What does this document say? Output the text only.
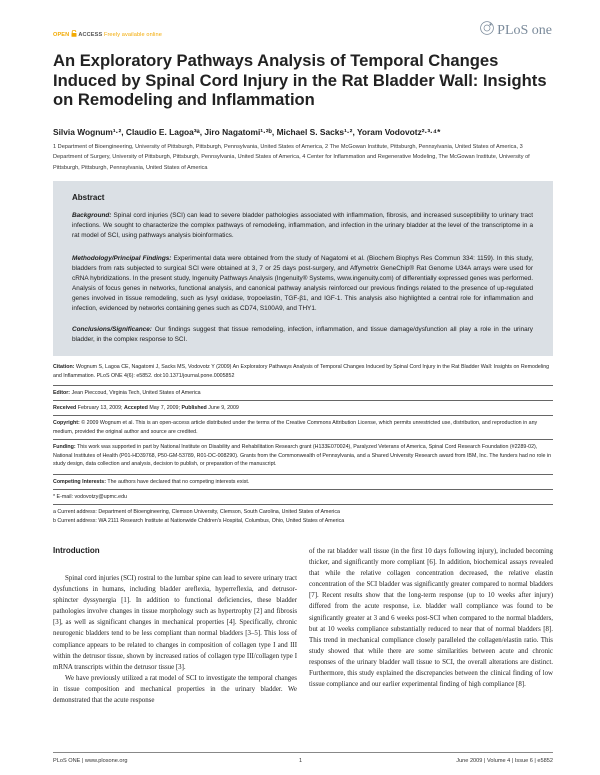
OPEN ACCESS Freely available online	PLoS one
An Exploratory Pathways Analysis of Temporal Changes Induced by Spinal Cord Injury in the Rat Bladder Wall: Insights on Remodeling and Inflammation
Silvia Wognum¹·², Claudio E. Lagoa³ᵃ, Jiro Nagatomi¹·²ᵇ, Michael S. Sacks¹·², Yoram Vodovotz²·³·⁴*
1 Department of Bioengineering, University of Pittsburgh, Pittsburgh, Pennsylvania, United States of America, 2 The McGowan Institute, Pittsburgh, Pennsylvania, United States of America, 3 Department of Surgery, University of Pittsburgh, Pittsburgh, Pennsylvania, United States of America, 4 Center for Inflammation and Regenerative Modeling, The McGowan Institute, University of Pittsburgh, Pittsburgh, Pennsylvania, United States of America
Abstract

Background: Spinal cord injuries (SCI) can lead to severe bladder pathologies associated with inflammation, fibrosis, and increased susceptibility to urinary tract infections. We sought to characterize the complex pathways of remodeling, inflammation, and infection in the urinary bladder at the level of the transcriptome in a rat model of SCI, using pathways analysis bioinformatics.

Methodology/Principal Findings: Experimental data were obtained from the study of Nagatomi et al. (Biochem Biophys Res Commun 334: 1159). In this study, bladders from rats subjected to surgical SCI were obtained at 3, 7 or 25 days post-surgery, and Affymetrix GeneChip® Rat Genome U34A arrays were used for cRNA hybridizations. In the present study, Ingenuity Pathways Analysis (Ingenuity® Systems, www.ingenuity.com) of differentially expressed genes was performed. Analysis of focus genes in networks, functional analysis, and canonical pathway analysis reinforced our previous findings related to the presence of up-regulated genes involved in tissue remodeling, such as lysyl oxidase, tropoelastin, TGF-β1, and IGF-1. This analysis also highlighted a central role for inflammation and infection, evidenced by networks containing genes such as CD74, S100A9, and THY1.

Conclusions/Significance: Our findings suggest that tissue remodeling, infection, inflammation, and tissue damage/dysfunction all play a role in the urinary bladder, in the complex response to SCI.

Citation: Wognum S, Lagoa CE, Nagatomi J, Sacks MS, Vodovotz Y (2009) An Exploratory Pathways Analysis of Temporal Changes Induced by Spinal Cord Injury in the Rat Bladder Wall: Insights on Remodeling and Inflammation. PLoS ONE 4(6): e5852. doi:10.1371/journal.pone.0005852

Editor: Jean Pieccoud, Virginia Tech, United States of America

Received February 13, 2009; Accepted May 7, 2009; Published June 9, 2009

Copyright: © 2009 Wognum et al. This is an open-access article distributed under the terms of the Creative Commons Attribution License, which permits unrestricted use, distribution, and reproduction in any medium, provided the original author and source are credited.

Funding: This work was supported in part by National Institute on Disability and Rehabilitation Research grant (H133E070024), Paralyzed Veterans of America, Spinal Cord Research Foundation (#2289-02), National Institutes of Health (P01-HD39768, P50-GM-53789, R01-DC-008290). Grants from the Commonwealth of Pennsylvania, and a Shared University Research award from IBM, Inc. The funders had no role in study design, data collection and analysis, decision to publish, or preparation of the manuscript.

Competing Interests: The authors have declared that no competing interests exist.

* E-mail: vodovotzy@upmc.edu

a Current address: Department of Bioengineering, Clemson University, Clemson, South Carolina, United States of America

b Current address: WA 2111 Research Institute at Nationwide Children's Hospital, Columbus, Ohio, United States of America

Introduction

Spinal cord injuries (SCI) rostral to the lumbar spine can lead to severe urinary tract dysfunctions in humans, including bladder areflexia, hyperreflexia, and detrusor-sphincter dyssynergia [1]. In addition to functional deficiencies, these bladder pathologies involve changes in tissue morphology such as hypertrophy [2] and fibrosis [3], as well as significant changes in mechanical properties [4]. Specifically, chronic neurogenic bladders tend to be less compliant than normal bladders [3–5]. This loss of compliance appears to be related to changes in composition of collagen type I and III within the detrusor tissue, shown by increased ratios of collagen type III/collagen type I mRNA transcripts within the detrusor tissue [3].

We have previously utilized a rat model of SCI to investigate the temporal changes in tissue composition and mechanical properties in the urinary bladder. We demonstrated that the acute response

of the rat bladder wall tissue (in the first 10 days following injury), included becoming thicker, and significantly more compliant [6]. In addition, biochemical assays revealed that while the relative collagen concentration decreased, the relative elastin concentration of the SCI bladder was significantly greater compared to normal bladders [7]. Recent results show that the long-term response (up to 10 weeks after injury) differed from the acute response, i.e. bladder wall compliance was found to be significantly greater at 3 and 6 weeks post-SCI when compared to the normal bladders, but at 10 weeks compliance substantially reduced to near that of normal bladders [8]. This trend in mechanical compliance closely paralleled the collagen/elastin ratio. This study showed that while there are some similarities between acute and chronic responses of the urinary bladder wall tissue to SCI, the overall alterations are distinct. Furthermore, this study explained the discrepancies between the clinical finding of low tissue compliance and our earlier experimental finding of high compliance [8].

PLoS ONE | www.plosone.org	1	June 2009 | Volume 4 | Issue 6 | e5852
